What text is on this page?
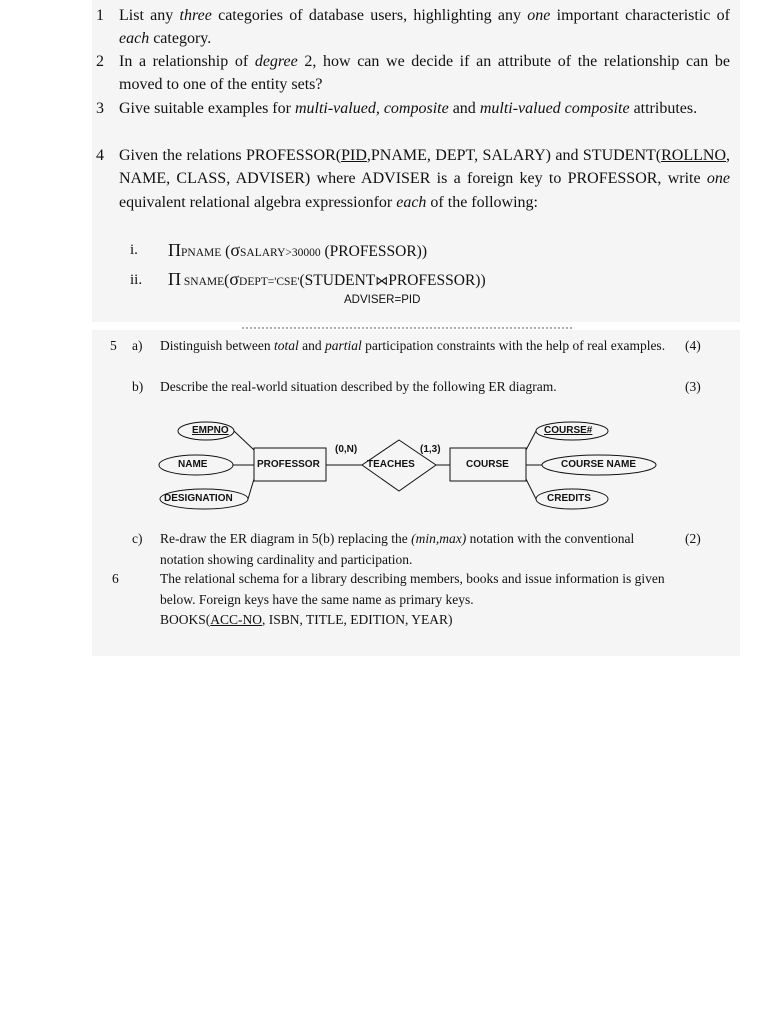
1 List any three categories of database users, highlighting any one important characteristic of each category.
2 In a relationship of degree 2, how can we decide if an attribute of the relationship can be moved to one of the entity sets?
3 Give suitable examples for multi-valued, composite and multi-valued composite attributes.
4 Given the relations PROFESSOR(PID,PNAME, DEPT, SALARY) and STUDENT(ROLLNO, NAME, CLASS, ADVISER) where ADVISER is a foreign key to PROFESSOR, write one equivalent relational algebra expressionfor each of the following:
i. ΠPNAME (σSALARY>30000 (PROFESSOR))
ii. Π SNAME(σDEPT='CSE'(STUDENT⋈PROFESSOR))
ADVISER=PID
5 a) Distinguish between total and partial participation constraints with the help of real examples. (4)
b) Describe the real-world situation described by the following ER diagram.	(3)
EMPNO
NAME
DESIGNATION
PROFESSOR
(0,N)
TEACHES
(1,3)
COURSE
COURSE#
COURSE NAME
CREDITS
c) Re-draw the ER diagram in 5(b) replacing the (min,max) notation with the conventional notation showing cardinality and participation.
(2)
6	The relational schema for a library describing members, books and issue information is given below. Foreign keys have the same name as primary keys.
BOOKS(ACC-NO, ISBN, TITLE, EDITION, YEAR)
